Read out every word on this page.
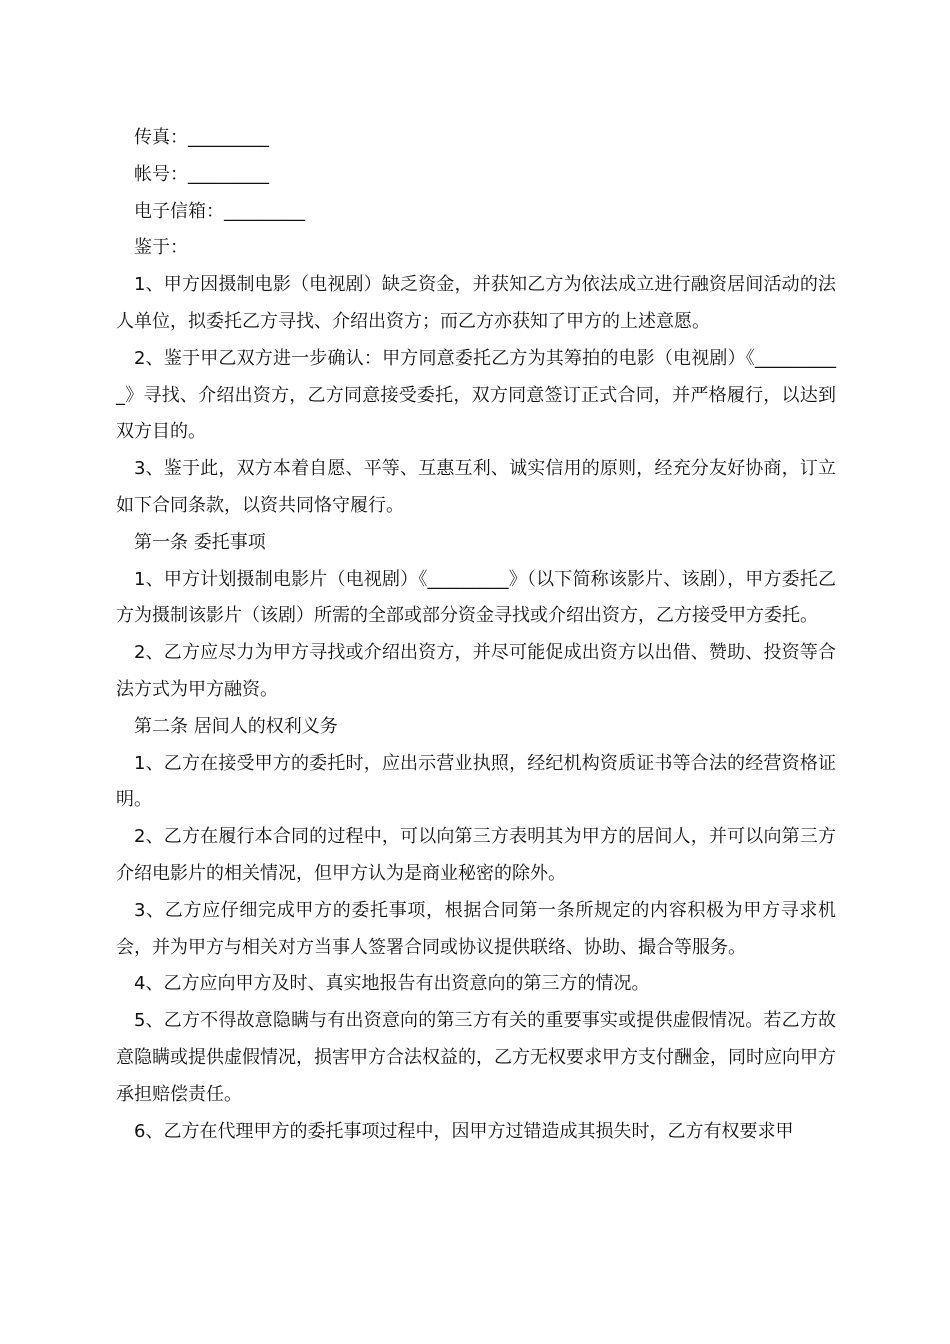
传真：_________

帐号：_________

电子信箱：_________

鉴于：

1、甲方因摄制电影（电视剧）缺乏资金，并获知乙方为依法成立进行融资居间活动的法人单位，拟委托乙方寻找、介绍出资方；而乙方亦获知了甲方的上述意愿。

2、鉴于甲乙双方进一步确认：甲方同意委托乙方为其筹拍的电影（电视剧）《__________》寻找、介绍出资方，乙方同意接受委托，双方同意签订正式合同，并严格履行，以达到双方目的。

3、鉴于此，双方本着自愿、平等、互惠互利、诚实信用的原则，经充分友好协商，订立如下合同条款，以资共同恪守履行。

第一条 委托事项

1、甲方计划摄制电影片（电视剧）《_________》（以下简称该影片、该剧），甲方委托乙方为摄制该影片（该剧）所需的全部或部分资金寻找或介绍出资方，乙方接受甲方委托。

2、乙方应尽力为甲方寻找或介绍出资方，并尽可能促成出资方以出借、赞助、投资等合法方式为甲方融资。

第二条 居间人的权利义务

1、乙方在接受甲方的委托时，应出示营业执照，经纪机构资质证书等合法的经营资格证明。

2、乙方在履行本合同的过程中，可以向第三方表明其为甲方的居间人，并可以向第三方介绍电影片的相关情况，但甲方认为是商业秘密的除外。

3、乙方应仔细完成甲方的委托事项，根据合同第一条所规定的内容积极为甲方寻求机会，并为甲方与相关对方当事人签署合同或协议提供联络、协助、撮合等服务。

4、乙方应向甲方及时、真实地报告有出资意向的第三方的情况。

5、乙方不得故意隐瞒与有出资意向的第三方有关的重要事实或提供虚假情况。若乙方故意隐瞒或提供虚假情况，损害甲方合法权益的，乙方无权要求甲方支付酬金，同时应向甲方承担赔偿责任。

6、乙方在代理甲方的委托事项过程中，因甲方过错造成其损失时，乙方有权要求甲
